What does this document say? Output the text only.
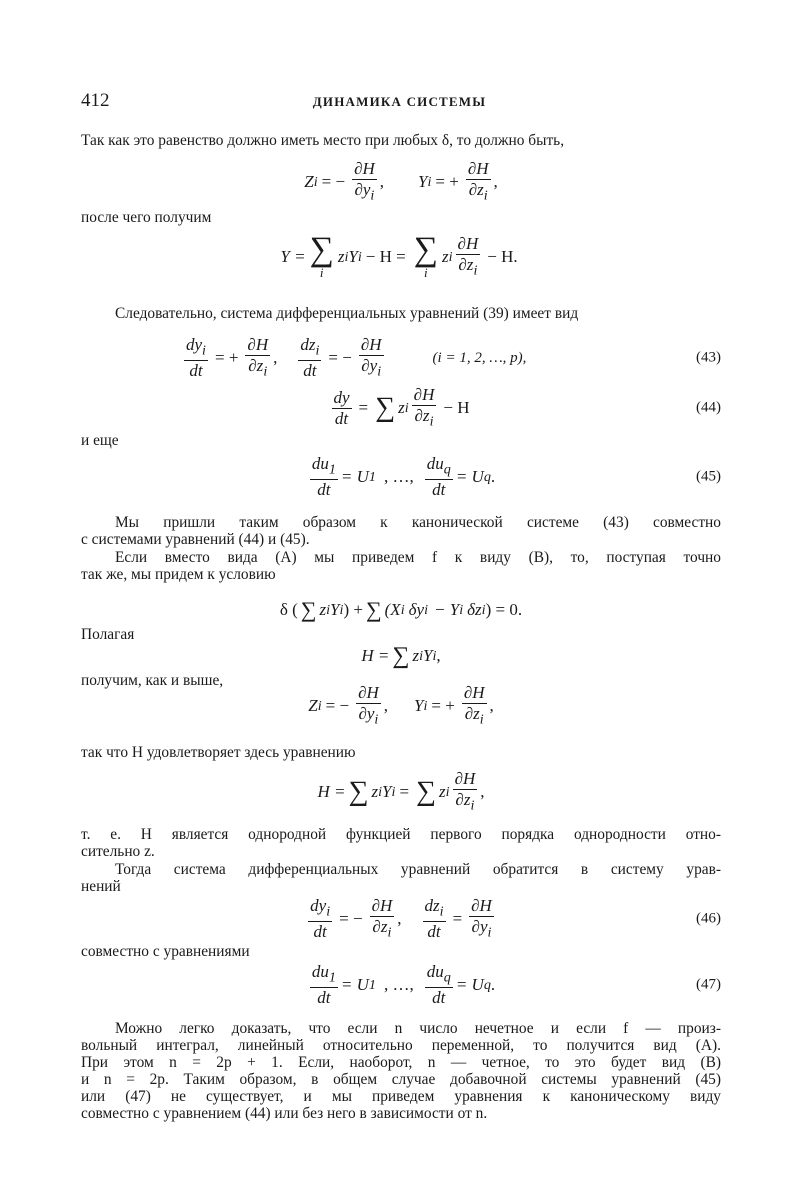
412	ДИНАМИКА СИСТЕМЫ
Так как это равенство должно иметь место при любых δ, то должно быть,
Z i = − $\frac{\partial H}{\partial y_i}$ , Y i = + $\frac{\partial H}{\partial z_i}$ ,
после чего получим
Y = ∑
i
z i Y i − H = ∑
i
z i $\frac{\partial H}{\partial z_i} - H$.
Следовательно, система дифференциальных уравнений (39) имеет вид
$dy_i$
dt
= + $\frac{\partial H}{\partial z_i}$ ,
$dz_i$
dt
= − $\frac{\partial H}{\partial y_i}$	(i = 1, 2, …, p),	(43)
$\frac{dy}{dt}$ = ∑ z i $\frac{\partial H}{\partial z_i} - H$	(44)
и еще
$\frac{du_1}{dt} = U$ 1 , …,
$du_q$
dt
= U q .	(45)
Мы пришли таким образом к канонической системе (43) совместно
с системами уравнений (44) и (45).
Если вместо вида (A) мы приведем f к виду (B), то, поступая точно
так же, мы придем к условию
δ ( ∑ z i Y i ) + ∑ (X i δy i − Y i δz i ) = 0.
Полагая
H = ∑ z i Y i ,
получим, как и выше,
Z i = − $\frac{\partial H}{\partial y_i}$ , Y i = + $\frac{\partial H}{\partial z_i}$ ,
так что H удовлетворяет здесь уравнению
H = ∑ z i Y i = ∑ z i $\frac{\partial H}{\partial z_i}$ ,
т. е. H является однородной функцией первого порядка однородности отно-
сительно z.
Тогда система дифференциальных уравнений обратится в систему урав-
нений
$dy_i$
dt
= − $\frac{\partial H}{\partial z_i}$ ,
$dz_i$
dt
= $\frac{\partial H}{\partial y_i}$	(46)
совместно с уравнениями
$\frac{du_1}{dt} = U$ 1 , …,
$du_q$
dt
= U q .	(47)
Можно легко доказать, что если n число нечетное и если f — произ-
вольный интеграл, линейный относительно переменной, то получится вид (A).
При этом n = 2p + 1. Если, наоборот, n — четное, то это будет вид (B)
и n = 2p. Таким образом, в общем случае добавочной системы уравнений (45)
или (47) не существует, и мы приведем уравнения к каноническому виду
совместно с уравнением (44) или без него в зависимости от n.
